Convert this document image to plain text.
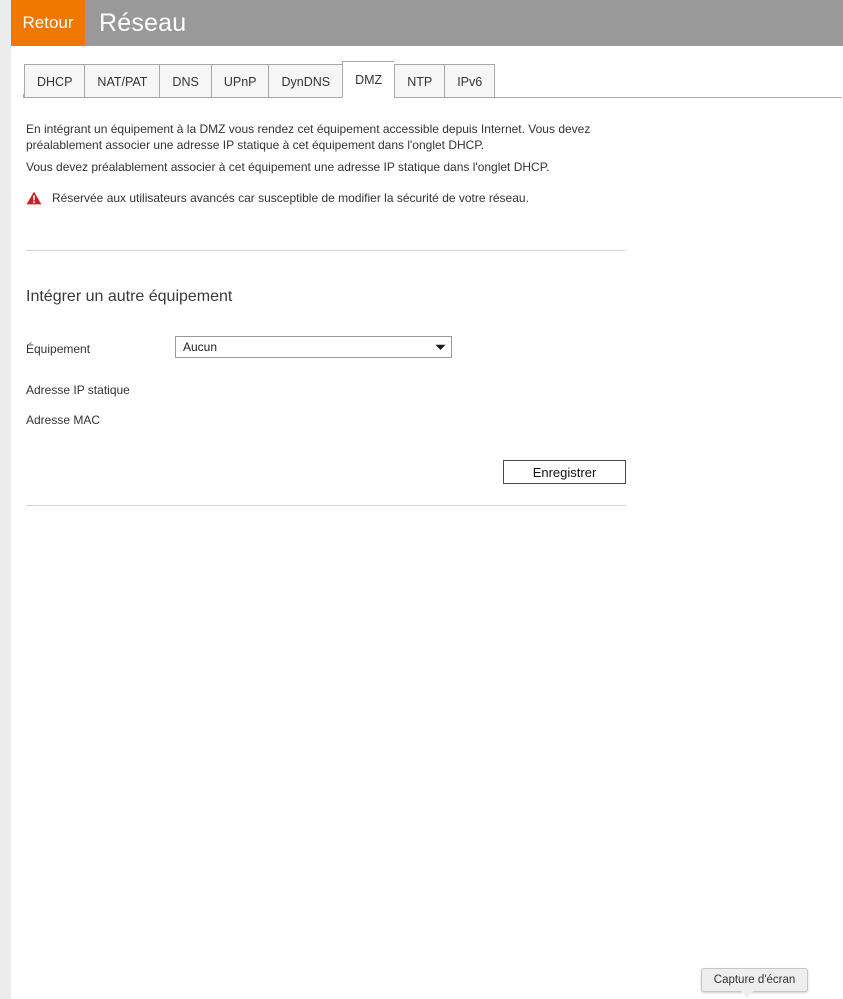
Retour	Réseau
DHCP	NAT/PAT	DNS	UPnP	DynDNS	DMZ	NTP	IPv6
En intégrant un équipement à la DMZ vous rendez cet équipement accessible depuis Internet. Vous devez préalablement associer une adresse IP statique à cet équipement dans l'onglet DHCP.
Vous devez préalablement associer à cet équipement une adresse IP statique dans l'onglet DHCP.
Réservée aux utilisateurs avancés car susceptible de modifier la sécurité de votre réseau.
Intégrer un autre équipement
Équipement	Aucun
Adresse IP statique
Adresse MAC
Enregistrer
Capture d'écran
